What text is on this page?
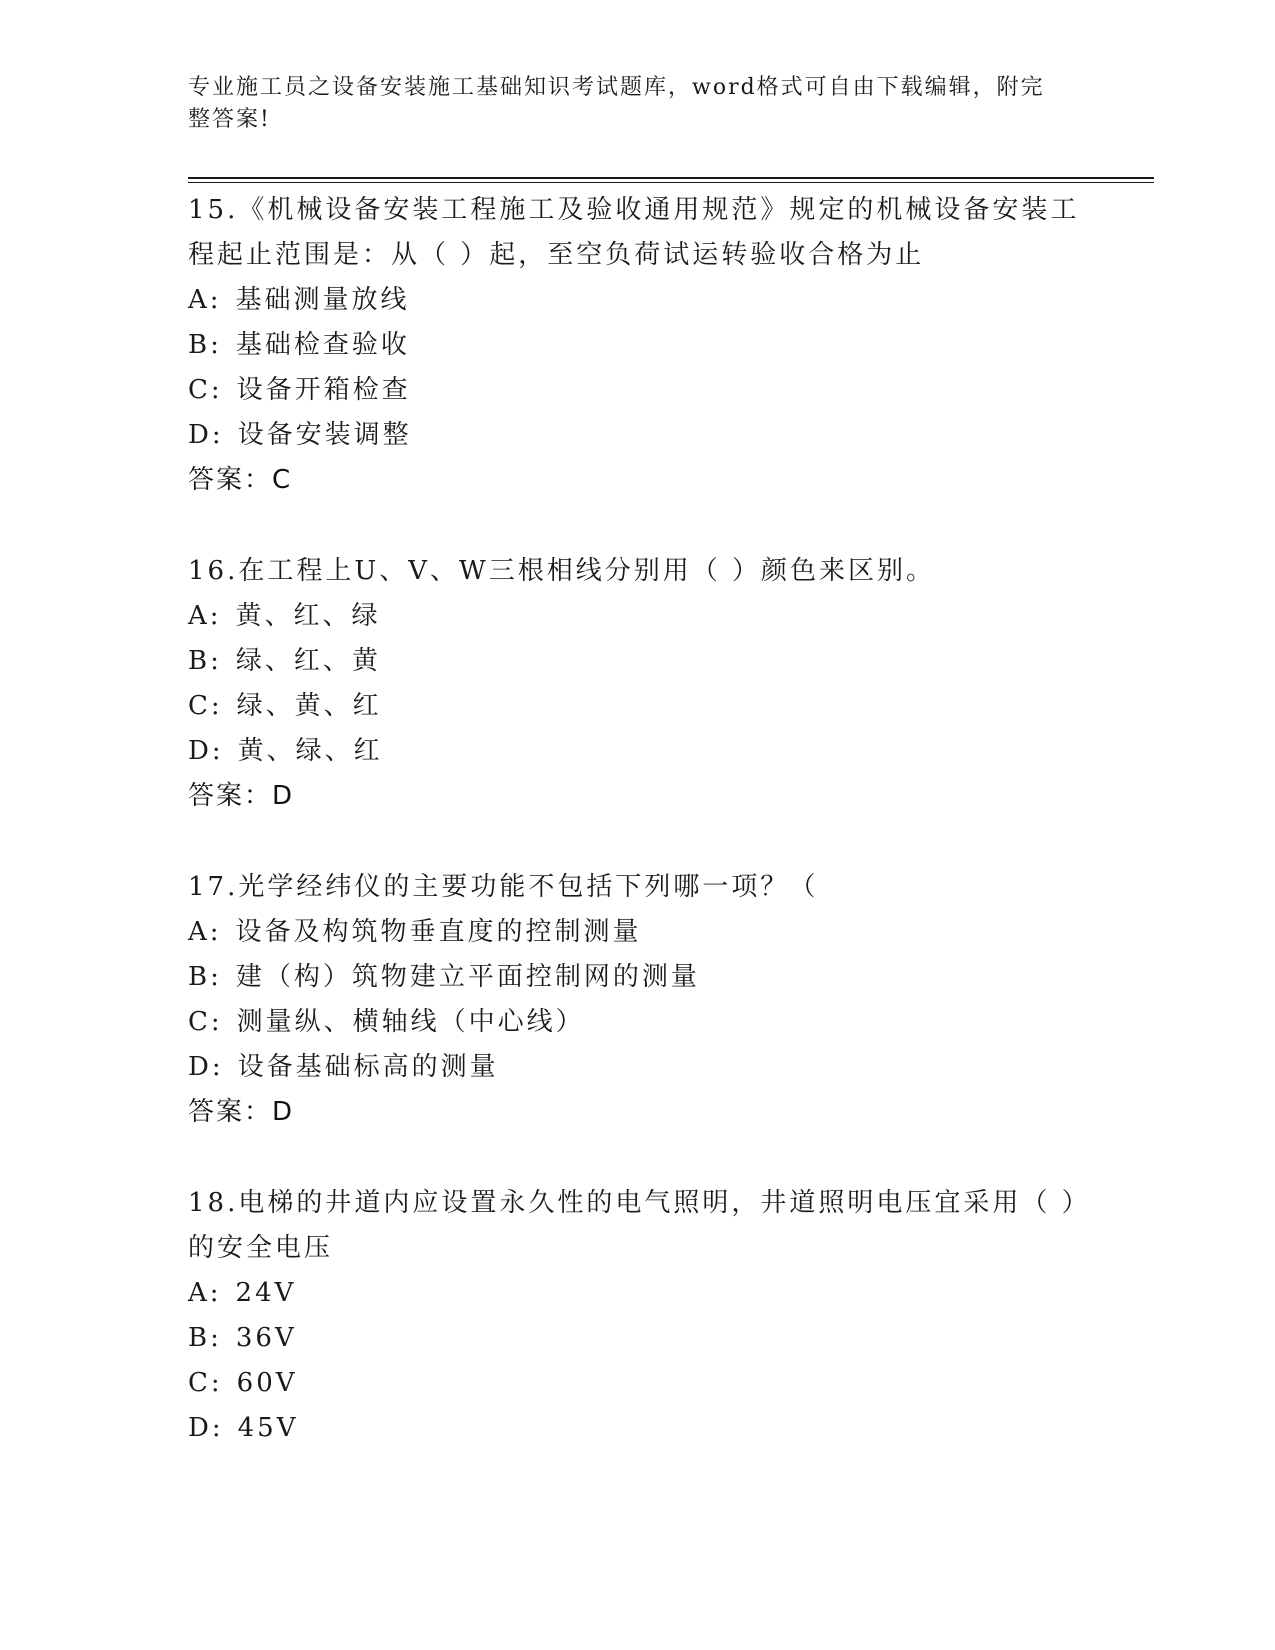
专业施工员之设备安装施工基础知识考试题库，word格式可自由下载编辑，附完整答案!
15.《机械设备安装工程施工及验收通用规范》规定的机械设备安装工程起止范围是：从（ ）起，至空负荷试运转验收合格为止
A: 基础测量放线
B: 基础检查验收
C: 设备开箱检查
D: 设备安装调整
答案：C
16.在工程上U、V、W三根相线分别用（ ）颜色来区别。
A: 黄、红、绿
B: 绿、红、黄
C: 绿、黄、红
D: 黄、绿、红
答案：D
17.光学经纬仪的主要功能不包括下列哪一项？（
A: 设备及构筑物垂直度的控制测量
B: 建（构）筑物建立平面控制网的测量
C: 测量纵、横轴线（中心线）
D: 设备基础标高的测量
答案：D
18.电梯的井道内应设置永久性的电气照明，井道照明电压宜采用（ ）的安全电压
A: 24V
B: 36V
C: 60V
D: 45V
